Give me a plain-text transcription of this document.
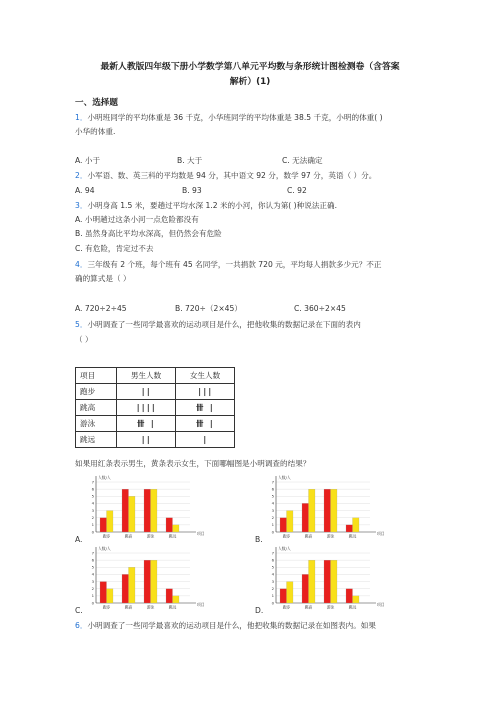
最新人教版四年级下册小学数学第八单元平均数与条形统计图检测卷（含答案
解析）(1)
一、选择题
1．小明班同学的平均体重是 36 千克，小华班同学的平均体重是 38.5 千克，小明的体重( )
小华的体重.
A. 小于	B. 大于	C. 无法确定
2．小军语、数、英三科的平均数是 94 分，其中语文 92 分，数学 97 分，英语（ ）分。
A. 94	B. 93	C. 92
3．小明身高 1.5 米，要趟过平均水深 1.2 米的小河，你认为第( )种说法正确.
A. 小明趟过这条小河一点危险都没有
B. 虽然身高比平均水深高，但仍然会有危险
C. 有危险，肯定过不去
4．三年级有 2 个班，每个班有 45 名同学，一共捐款 720 元，平均每人捐款多少元？不正
确的算式是（ ）
A. 720÷2÷45	B. 720÷（2×45）	C. 360÷2×45
5．小明调查了一些同学最喜欢的运动项目是什么，把他收集的数据记录在下面的表内
（ ）
项目	男生人数	女生人数
跑步	||	|||
跳高	||||	卌 |
游泳	卌 |	卌 |
跳远	||	|
如果用红条表示男生，黄条表示女生，下面哪幅图是小明调查的结果？
0
1
2
3
4
5
6
7
人数/人
项目
跑步	跳高	游泳	跳远
0
1
2
3
4
5
6
7
人数/人
项目
跑步	跳高	游泳	跳远
0
1
2
3
4
5
6
7
人数/人
项目
跑步	跳高	游泳	跳远
0
1
2
3
4
5
6
7
人数/人
项目
跑步	跳高	游泳	跳远
A.	B.
C.	D.
6．小明调查了一些同学最喜欢的运动项目是什么，他把收集的数据记录在如图表内。如果
